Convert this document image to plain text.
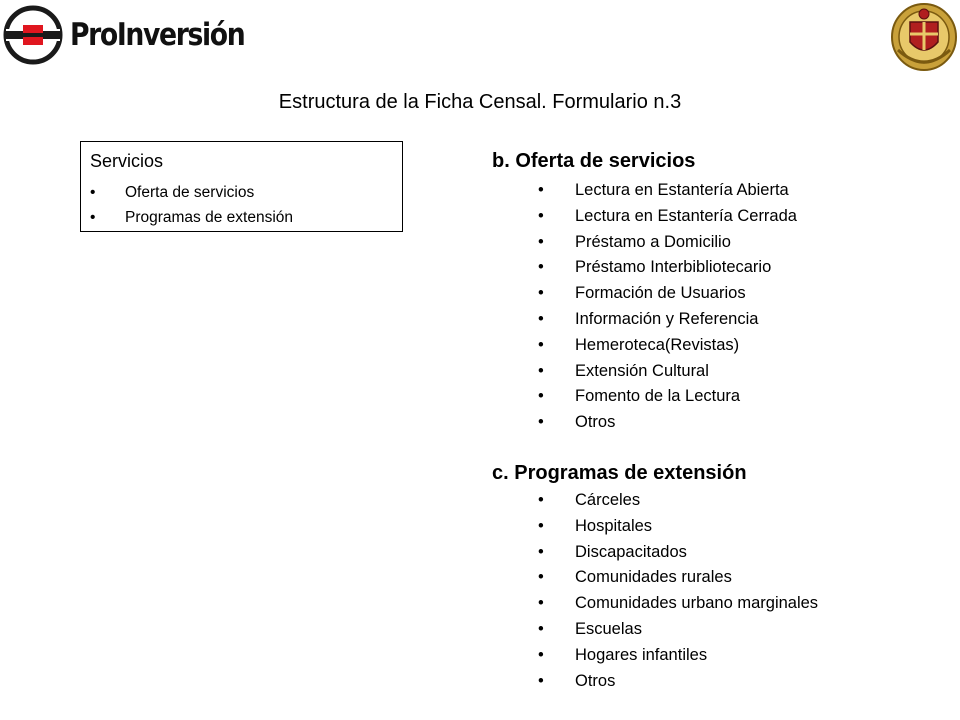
ProInversión
Estructura de la Ficha Censal. Formulario n.3
Servicios
• Oferta de servicios
• Programas de extensión
b. Oferta de servicios
• Lectura en Estantería Abierta
• Lectura en Estantería Cerrada
• Préstamo a Domicilio
• Préstamo Interbibliotecario
• Formación de Usuarios
• Información y Referencia
• Hemeroteca(Revistas)
• Extensión Cultural
• Fomento de la Lectura
• Otros
c. Programas de extensión
• Cárceles
• Hospitales
• Discapacitados
• Comunidades rurales
• Comunidades urbano marginales
• Escuelas
• Hogares infantiles
• Otros
